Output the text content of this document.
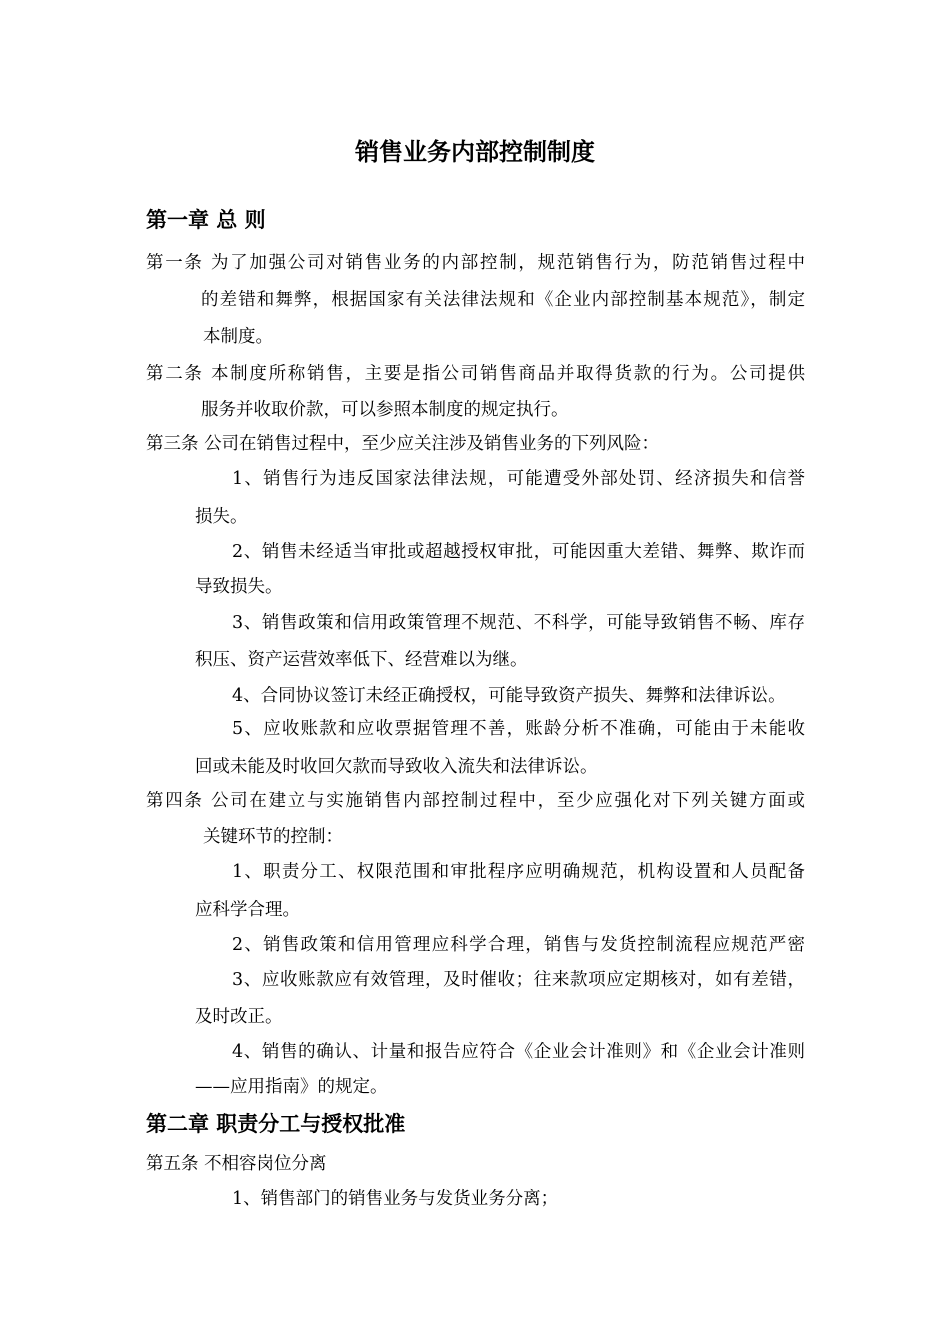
销售业务内部控制制度
第一章 总 则
第一条 为了加强公司对销售业务的内部控制，规范销售行为，防范销售过程中
的差错和舞弊，根据国家有关法律法规和《企业内部控制基本规范》，制定
本制度。
第二条 本制度所称销售，主要是指公司销售商品并取得货款的行为。公司提供
服务并收取价款，可以参照本制度的规定执行。
第三条 公司在销售过程中，至少应关注涉及销售业务的下列风险：
1、销售行为违反国家法律法规，可能遭受外部处罚、经济损失和信誉
损失。
2、销售未经适当审批或超越授权审批，可能因重大差错、舞弊、欺诈而
导致损失。
3、销售政策和信用政策管理不规范、不科学，可能导致销售不畅、库存
积压、资产运营效率低下、经营难以为继。
4、合同协议签订未经正确授权，可能导致资产损失、舞弊和法律诉讼。
5、应收账款和应收票据管理不善，账龄分析不准确，可能由于未能收
回或未能及时收回欠款而导致收入流失和法律诉讼。
第四条 公司在建立与实施销售内部控制过程中，至少应强化对下列关键方面或
关键环节的控制：
1、职责分工、权限范围和审批程序应明确规范，机构设置和人员配备
应科学合理。
2、销售政策和信用管理应科学合理，销售与发货控制流程应规范严密
3、应收账款应有效管理，及时催收；往来款项应定期核对，如有差错，
及时改正。
4、销售的确认、计量和报告应符合《企业会计准则》和《企业会计准则
——应用指南》的规定。
第二章 职责分工与授权批准
第五条 不相容岗位分离
1、销售部门的销售业务与发货业务分离；
